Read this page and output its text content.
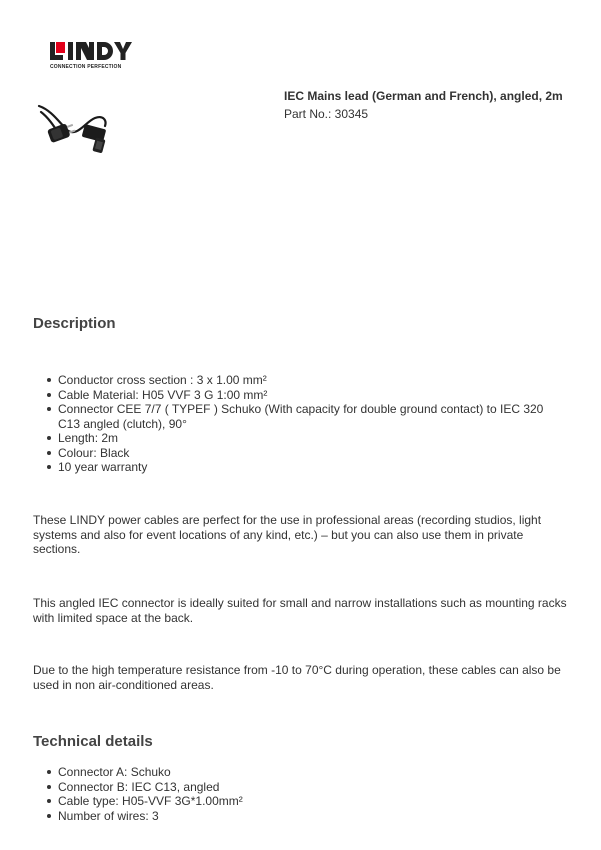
CONNECTION PERFECTION
IEC Mains lead (German and French), angled, 2m
Part No.: 30345
Description
Conductor cross section : 3 x 1.00 mm²
Cable Material: H05 VVF 3 G 1:00 mm²
Connector CEE 7/7 ( TYPEF ) Schuko (With capacity for double ground contact) to IEC 320 C13 angled (clutch), 90°
Length: 2m
Colour: Black
10 year warranty

These LINDY power cables are perfect for the use in professional areas (recording studios, light systems and also for event locations of any kind, etc.) – but you can also use them in private sections.

This angled IEC connector is ideally suited for small and narrow installations such as mounting racks with limited space at the back.

Due to the high temperature resistance from -10 to 70°C during operation, these cables can also be used in non air-conditioned areas.

Technical details
Connector A: Schuko
Connector B: IEC C13, angled
Cable type: H05-VVF 3G*1.00mm²
Number of wires: 3
